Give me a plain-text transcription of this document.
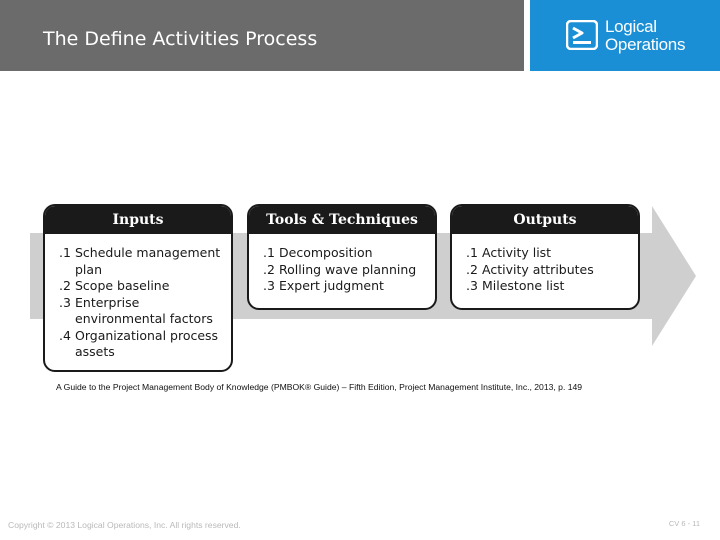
The Define Activities Process
Logical
Operations
Inputs
.1 Schedule management plan
.2 Scope baseline
.3 Enterprise environmental factors
.4 Organizational process assets
Tools & Techniques
.1 Decomposition
.2 Rolling wave planning
.3 Expert judgment
Outputs
.1 Activity list
.2 Activity attributes
.3 Milestone list
A Guide to the Project Management Body of Knowledge (PMBOK® Guide) – Fifth Edition, Project Management Institute, Inc., 2013, p. 149
Copyright © 2013 Logical Operations, Inc. All rights reserved.	CV 6 - 11
